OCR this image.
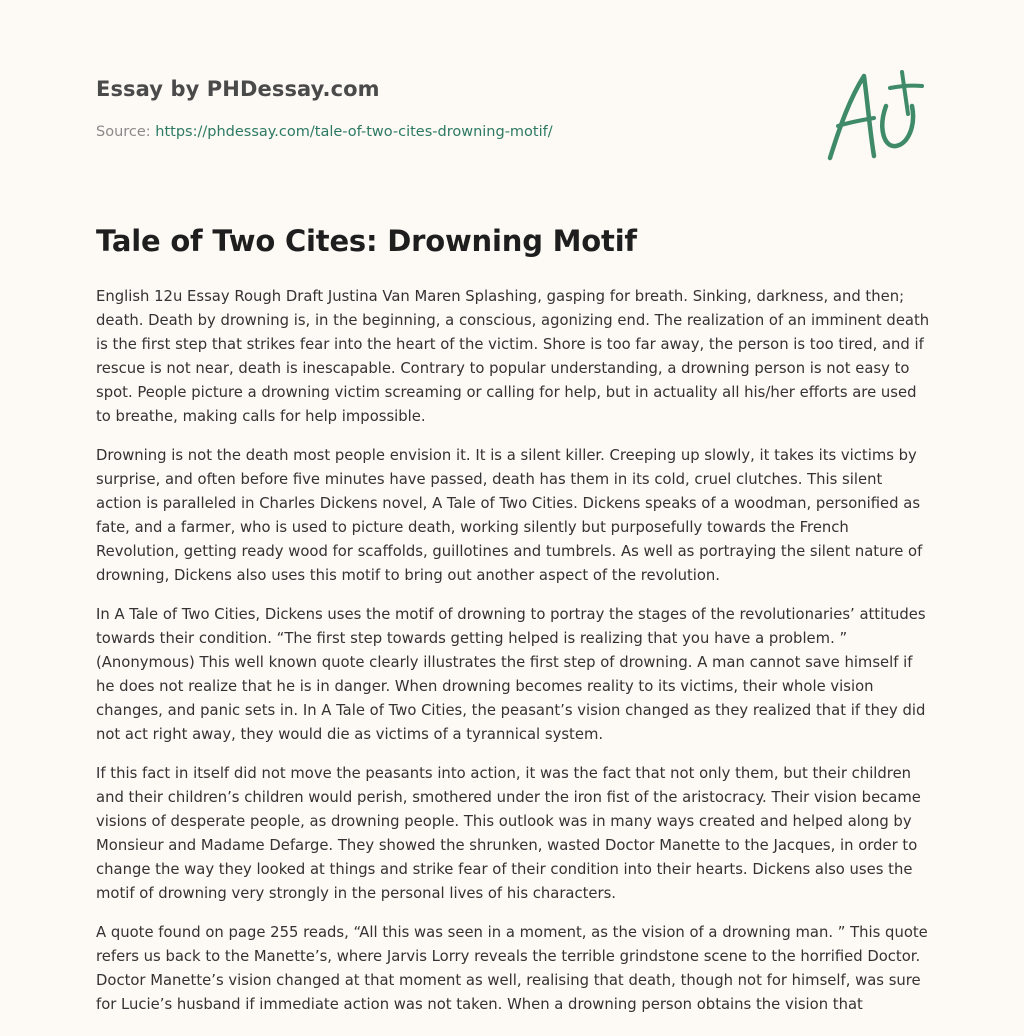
Essay by PHDessay.com
Source: https://phdessay.com/tale-of-two-cites-drowning-motif/
Tale of Two Cites: Drowning Motif

English 12u Essay Rough Draft Justina Van Maren Splashing, gasping for breath. Sinking, darkness, and then; death. Death by drowning is, in the beginning, a conscious, agonizing end. The realization of an imminent death is the first step that strikes fear into the heart of the victim. Shore is too far away, the person is too tired, and if rescue is not near, death is inescapable. Contrary to popular understanding, a drowning person is not easy to spot. People picture a drowning victim screaming or calling for help, but in actuality all his/her efforts are used to breathe, making calls for help impossible.

Drowning is not the death most people envision it. It is a silent killer. Creeping up slowly, it takes its victims by surprise, and often before five minutes have passed, death has them in its cold, cruel clutches. This silent action is paralleled in Charles Dickens novel, A Tale of Two Cities. Dickens speaks of a woodman, personified as fate, and a farmer, who is used to picture death, working silently but purposefully towards the French Revolution, getting ready wood for scaffolds, guillotines and tumbrels. As well as portraying the silent nature of drowning, Dickens also uses this motif to bring out another aspect of the revolution.

In A Tale of Two Cities, Dickens uses the motif of drowning to portray the stages of the revolutionaries’ attitudes towards their condition. “The first step towards getting helped is realizing that you have a problem. ” (Anonymous) This well known quote clearly illustrates the first step of drowning. A man cannot save himself if he does not realize that he is in danger. When drowning becomes reality to its victims, their whole vision changes, and panic sets in. In A Tale of Two Cities, the peasant’s vision changed as they realized that if they did not act right away, they would die as victims of a tyrannical system.

If this fact in itself did not move the peasants into action, it was the fact that not only them, but their children and their children’s children would perish, smothered under the iron fist of the aristocracy. Their vision became visions of desperate people, as drowning people. This outlook was in many ways created and helped along by Monsieur and Madame Defarge. They showed the shrunken, wasted Doctor Manette to the Jacques, in order to change the way they looked at things and strike fear of their condition into their hearts. Dickens also uses the motif of drowning very strongly in the personal lives of his characters.

A quote found on page 255 reads, “All this was seen in a moment, as the vision of a drowning man. ” This quote refers us back to the Manette’s, where Jarvis Lorry reveals the terrible grindstone scene to the horrified Doctor. Doctor Manette’s vision changed at that moment as well, realising that death, though not for himself, was sure for Lucie’s husband if immediate action was not taken. When a drowning person obtains the vision that
